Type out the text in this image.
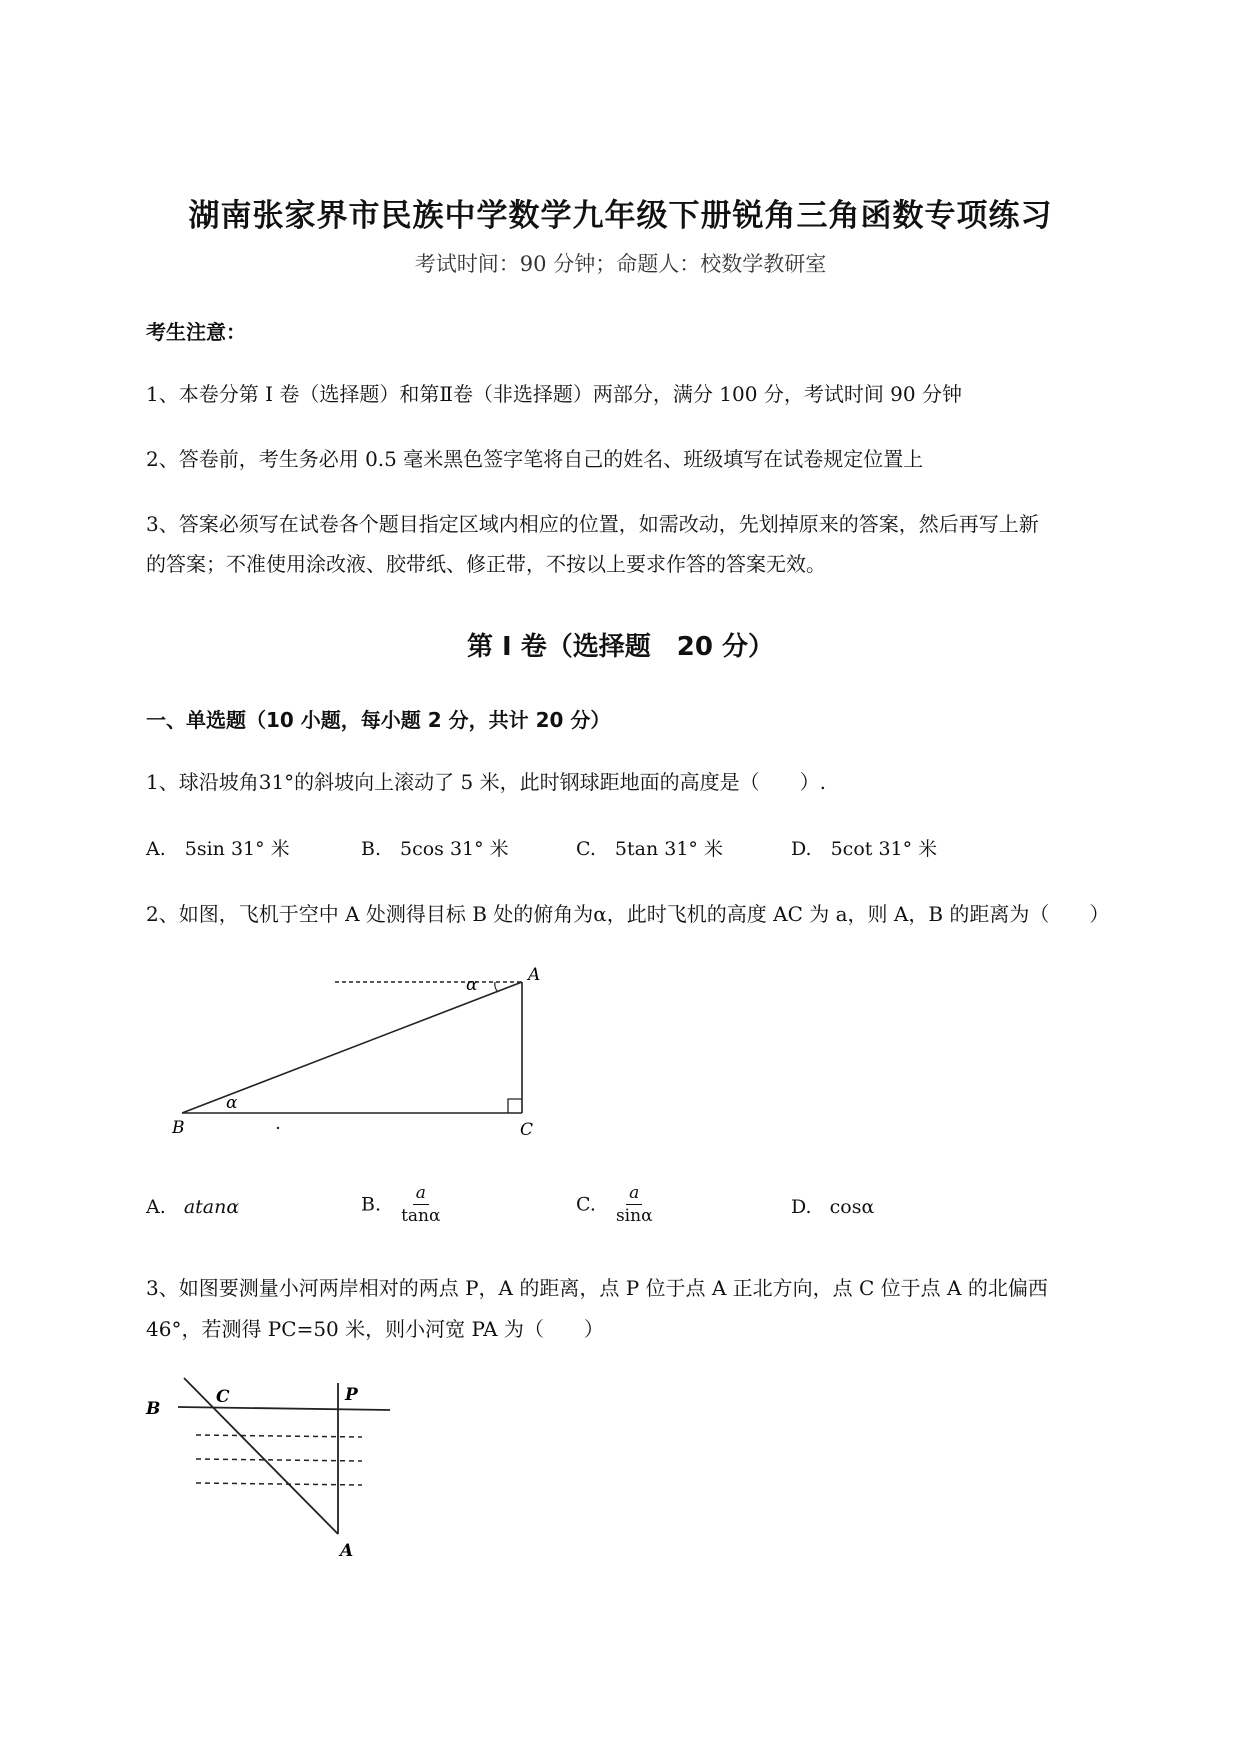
湖南张家界市民族中学数学九年级下册锐角三角函数专项练习
考试时间：90 分钟；命题人：校数学教研室
考生注意：
1、本卷分第 I 卷（选择题）和第Ⅱ卷（非选择题）两部分，满分 100 分，考试时间 90 分钟
2、答卷前，考生务必用 0.5 毫米黑色签字笔将自己的姓名、班级填写在试卷规定位置上
3、答案必须写在试卷各个题目指定区域内相应的位置，如需改动，先划掉原来的答案，然后再写上新
的答案；不准使用涂改液、胶带纸、修正带，不按以上要求作答的答案无效。
第 I 卷（选择题　20 分）
一、单选题（10 小题，每小题 2 分，共计 20 分）
1、球沿坡角31°的斜坡向上滚动了 5 米，此时钢球距地面的高度是（　　）.
A.　5sin 31° 米	B.　5cos 31° 米	C.　5tan 31° 米	D.　5cot 31° 米
2、如图，飞机于空中 A 处测得目标 B 处的俯角为α，此时飞机的高度 AC 为 a，则 A，B 的距离为（　　）
α
α
A
B	C
A. atanα	B. $\frac{a}{\tan\alpha}$	C. $\frac{a}{\sin\alpha}$	D. cosα
3、如图要测量小河两岸相对的两点 P，A 的距离，点 P 位于点 A 正北方向，点 C 位于点 A 的北偏西
46°，若测得 PC=50 米，则小河宽 PA 为（　　）
B
C	P
A
